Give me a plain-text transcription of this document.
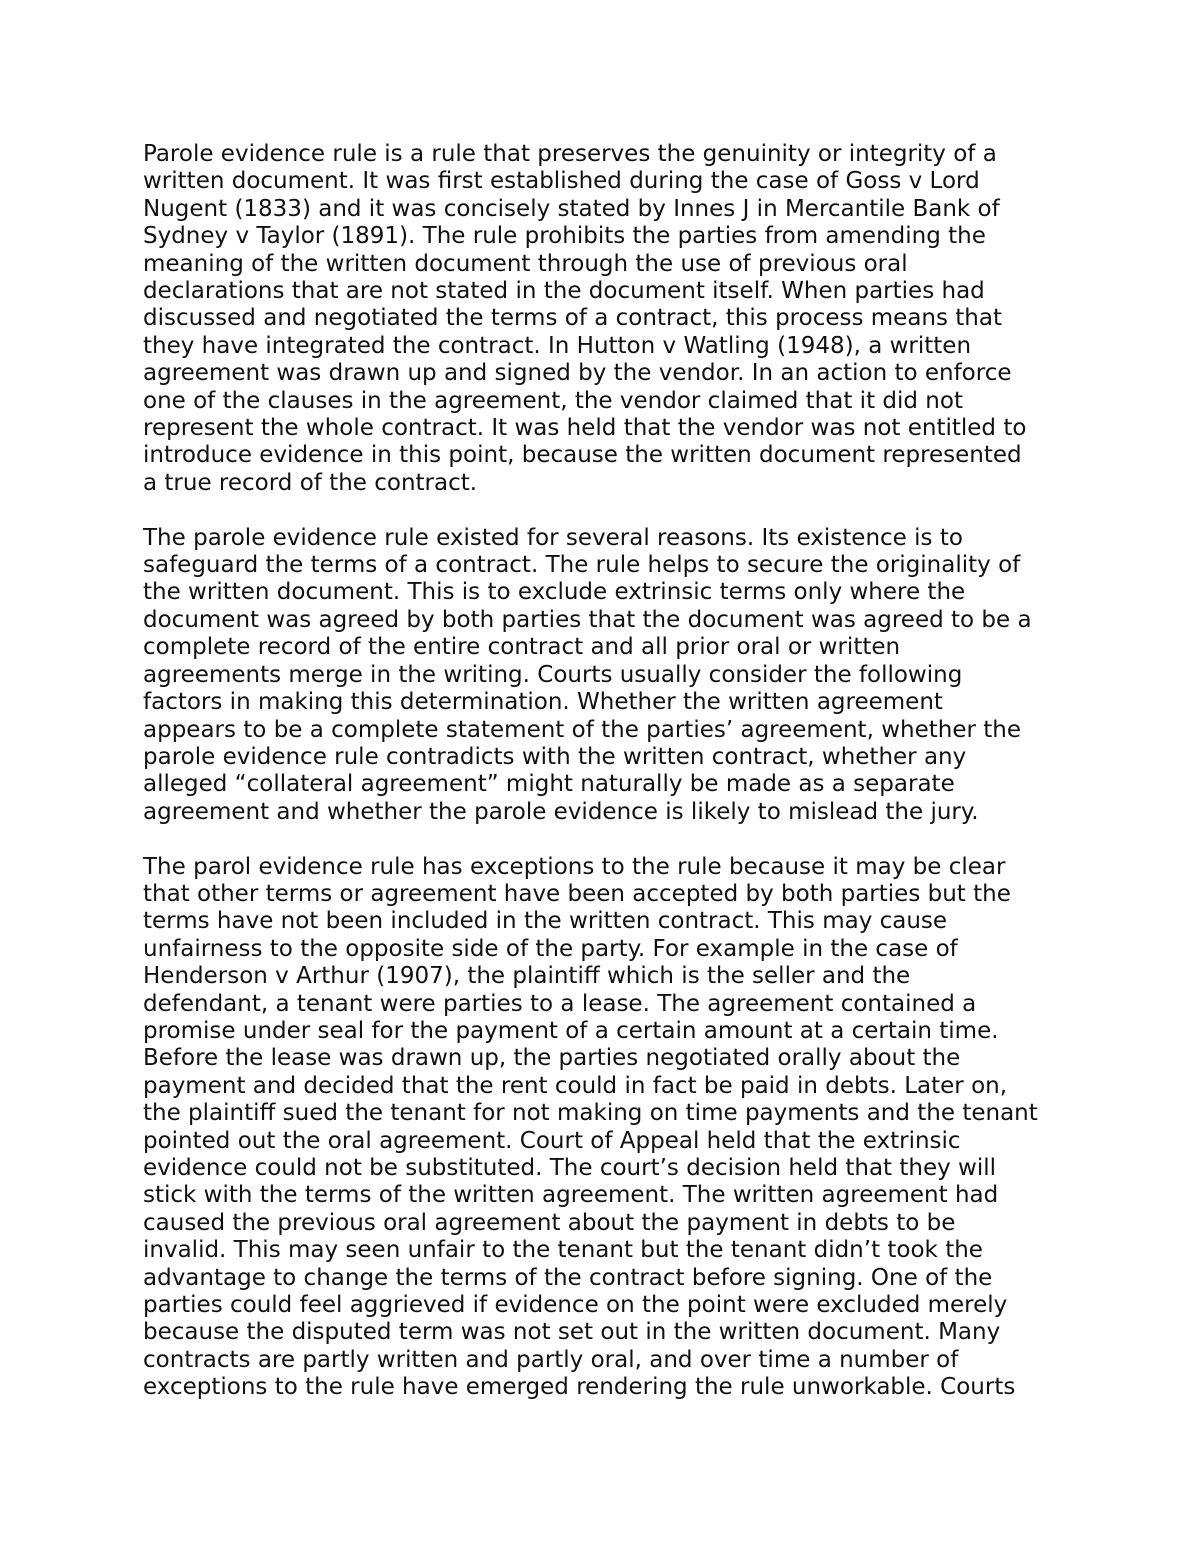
Parole evidence rule is a rule that preserves the genuinity or integrity of a
written document. It was first established during the case of Goss v Lord
Nugent (1833) and it was concisely stated by Innes J in Mercantile Bank of
Sydney v Taylor (1891). The rule prohibits the parties from amending the
meaning of the written document through the use of previous oral
declarations that are not stated in the document itself. When parties had
discussed and negotiated the terms of a contract, this process means that
they have integrated the contract. In Hutton v Watling (1948), a written
agreement was drawn up and signed by the vendor. In an action to enforce
one of the clauses in the agreement, the vendor claimed that it did not
represent the whole contract. It was held that the vendor was not entitled to
introduce evidence in this point, because the written document represented
a true record of the contract.

The parole evidence rule existed for several reasons. Its existence is to
safeguard the terms of a contract. The rule helps to secure the originality of
the written document. This is to exclude extrinsic terms only where the
document was agreed by both parties that the document was agreed to be a
complete record of the entire contract and all prior oral or written
agreements merge in the writing. Courts usually consider the following
factors in making this determination. Whether the written agreement
appears to be a complete statement of the parties’ agreement, whether the
parole evidence rule contradicts with the written contract, whether any
alleged “collateral agreement” might naturally be made as a separate
agreement and whether the parole evidence is likely to mislead the jury.

The parol evidence rule has exceptions to the rule because it may be clear
that other terms or agreement have been accepted by both parties but the
terms have not been included in the written contract. This may cause
unfairness to the opposite side of the party. For example in the case of
Henderson v Arthur (1907), the plaintiff which is the seller and the
defendant, a tenant were parties to a lease. The agreement contained a
promise under seal for the payment of a certain amount at a certain time.
Before the lease was drawn up, the parties negotiated orally about the
payment and decided that the rent could in fact be paid in debts. Later on,
the plaintiff sued the tenant for not making on time payments and the tenant
pointed out the oral agreement. Court of Appeal held that the extrinsic
evidence could not be substituted. The court’s decision held that they will
stick with the terms of the written agreement. The written agreement had
caused the previous oral agreement about the payment in debts to be
invalid. This may seen unfair to the tenant but the tenant didn’t took the
advantage to change the terms of the contract before signing. One of the
parties could feel aggrieved if evidence on the point were excluded merely
because the disputed term was not set out in the written document. Many
contracts are partly written and partly oral, and over time a number of
exceptions to the rule have emerged rendering the rule unworkable. Courts
